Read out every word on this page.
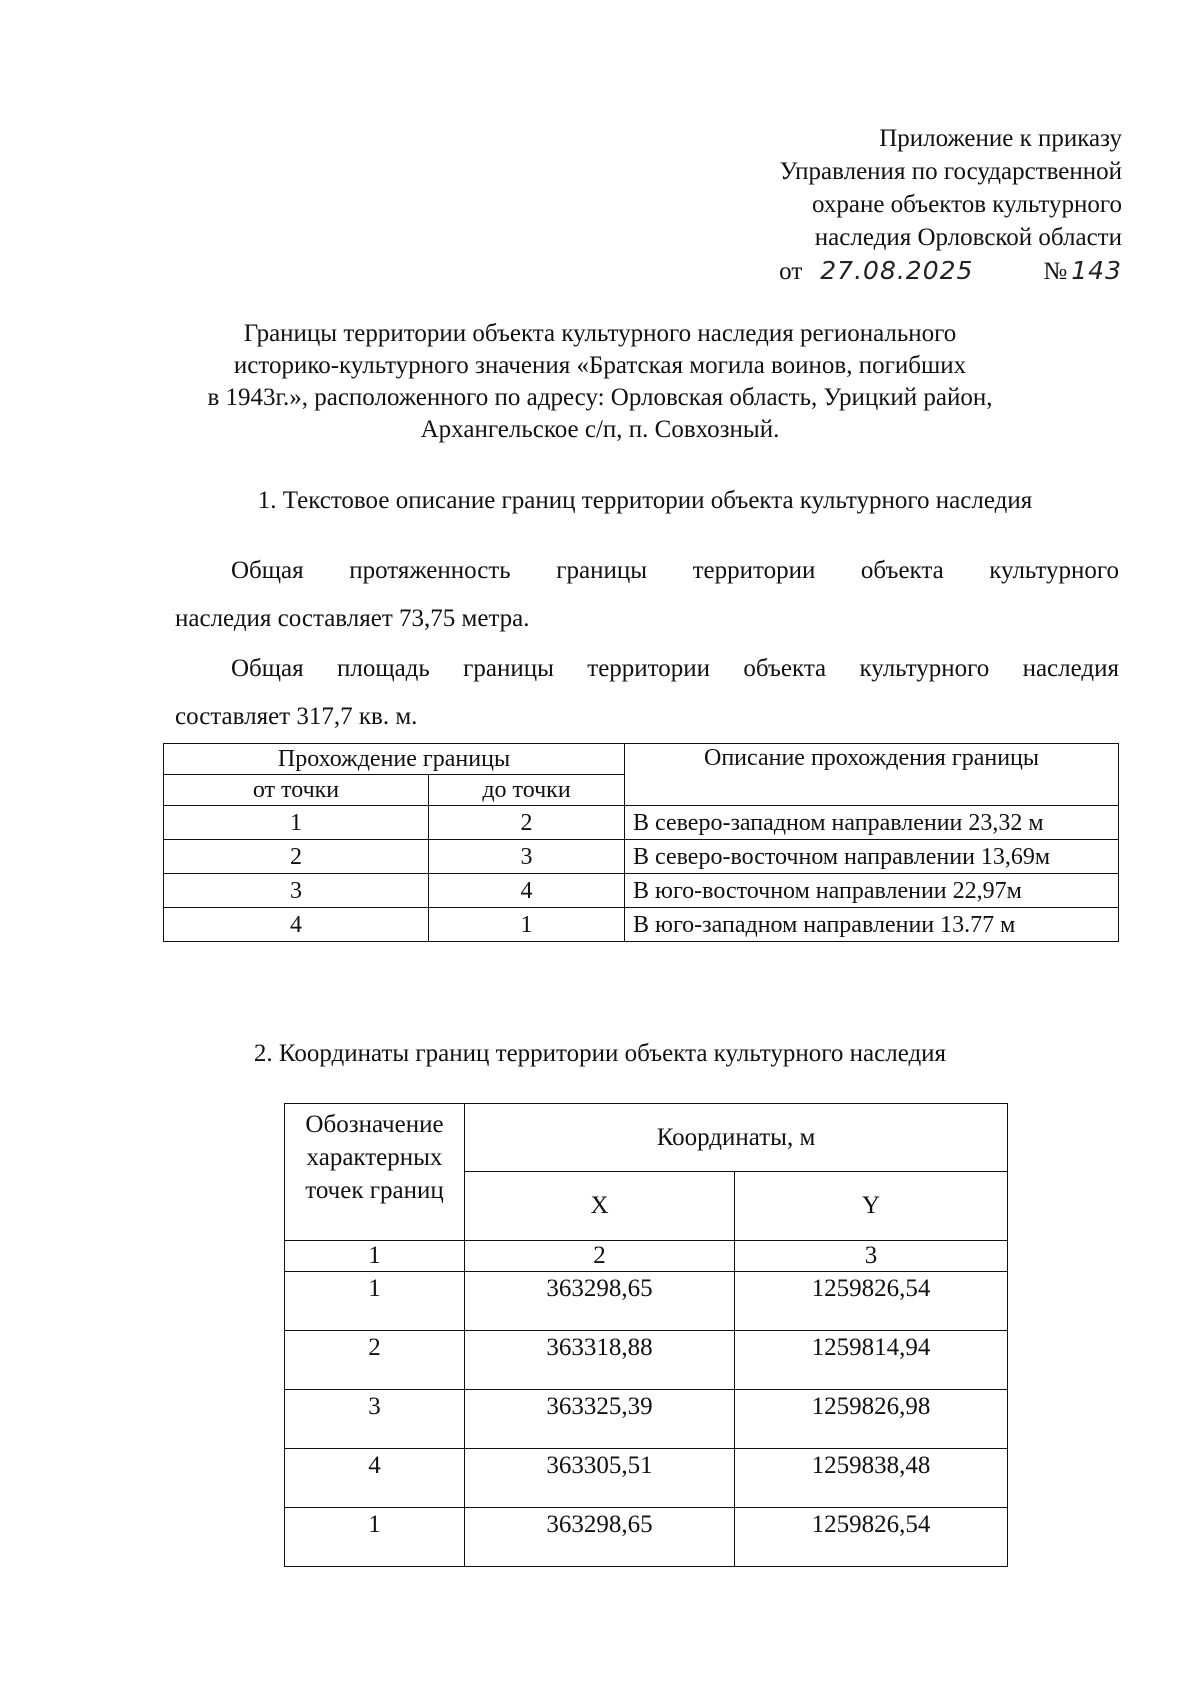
Приложение к приказу
Управления по государственной
охране объектов культурного
наследия Орловской области
от 27.08.2025	№ 143
Границы территории объекта культурного наследия регионального
историко-культурного значения «Братская могила воинов, погибших
в 1943г.», расположенного по адресу: Орловская область, Урицкий район,
Архангельское с/п, п. Совхозный.
1. Текстовое описание границ территории объекта культурного наследия
Общая протяженность границы территории объекта культурного
наследия составляет 73,75 метра.
Общая площадь границы территории объекта культурного наследия
составляет 317,7 кв. м.
Прохождение границы		Описание прохождения границы
от точки	до точки	
1	2	В северо-западном направлении 23,32 м
2	3	В северо-восточном направлении 13,69м
3	4	В юго-восточном направлении 22,97м
4	1	В юго-западном направлении 13.77 м
2. Координаты границ территории объекта культурного наследия
Обозначение характерных точек границ	Координаты, м	
	X	Y
1	2	3
1	363298,65	1259826,54
2	363318,88	1259814,94
3	363325,39	1259826,98
4	363305,51	1259838,48
1	363298,65	1259826,54
